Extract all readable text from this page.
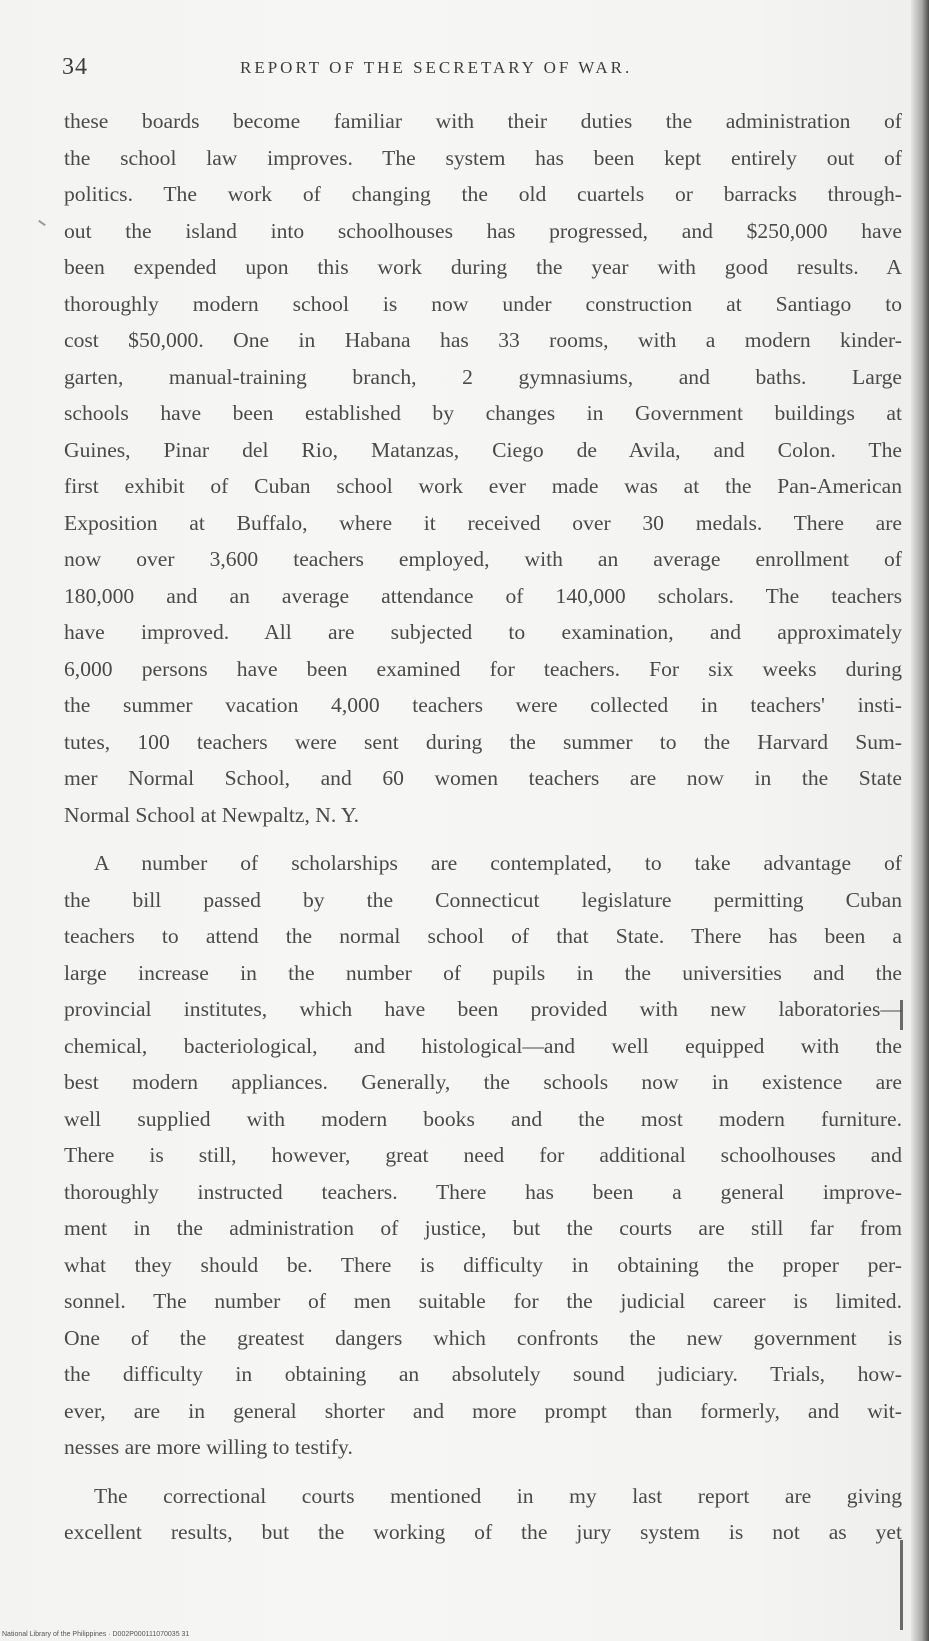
34	REPORT OF THE SECRETARY OF WAR.
these boards become familiar with their duties the administration of
the school law improves. The system has been kept entirely out of
politics. The work of changing the old cuartels or barracks through-
out the island into schoolhouses has progressed, and $250,000 have
been expended upon this work during the year with good results. A
thoroughly modern school is now under construction at Santiago to
cost $50,000. One in Habana has 33 rooms, with a modern kinder-
garten, manual-training branch, 2 gymnasiums, and baths. Large
schools have been established by changes in Government buildings at
Guines, Pinar del Rio, Matanzas, Ciego de Avila, and Colon. The
first exhibit of Cuban school work ever made was at the Pan-American
Exposition at Buffalo, where it received over 30 medals. There are
now over 3,600 teachers employed, with an average enrollment of
180,000 and an average attendance of 140,000 scholars. The teachers
have improved. All are subjected to examination, and approximately
6,000 persons have been examined for teachers. For six weeks during
the summer vacation 4,000 teachers were collected in teachers' insti-
tutes, 100 teachers were sent during the summer to the Harvard Sum-
mer Normal School, and 60 women teachers are now in the State
Normal School at Newpaltz, N. Y.
A number of scholarships are contemplated, to take advantage of
the bill passed by the Connecticut legislature permitting Cuban
teachers to attend the normal school of that State. There has been a
large increase in the number of pupils in the universities and the
provincial institutes, which have been provided with new laboratories—
chemical, bacteriological, and histological—and well equipped with the
best modern appliances. Generally, the schools now in existence are
well supplied with modern books and the most modern furniture.
There is still, however, great need for additional schoolhouses and
thoroughly instructed teachers. There has been a general improve-
ment in the administration of justice, but the courts are still far from
what they should be. There is difficulty in obtaining the proper per-
sonnel. The number of men suitable for the judicial career is limited.
One of the greatest dangers which confronts the new government is
the difficulty in obtaining an absolutely sound judiciary. Trials, how-
ever, are in general shorter and more prompt than formerly, and wit-
nesses are more willing to testify.
The correctional courts mentioned in my last report are giving
excellent results, but the working of the jury system is not as yet
National Library of the Philippines · D002P000111070035 31
